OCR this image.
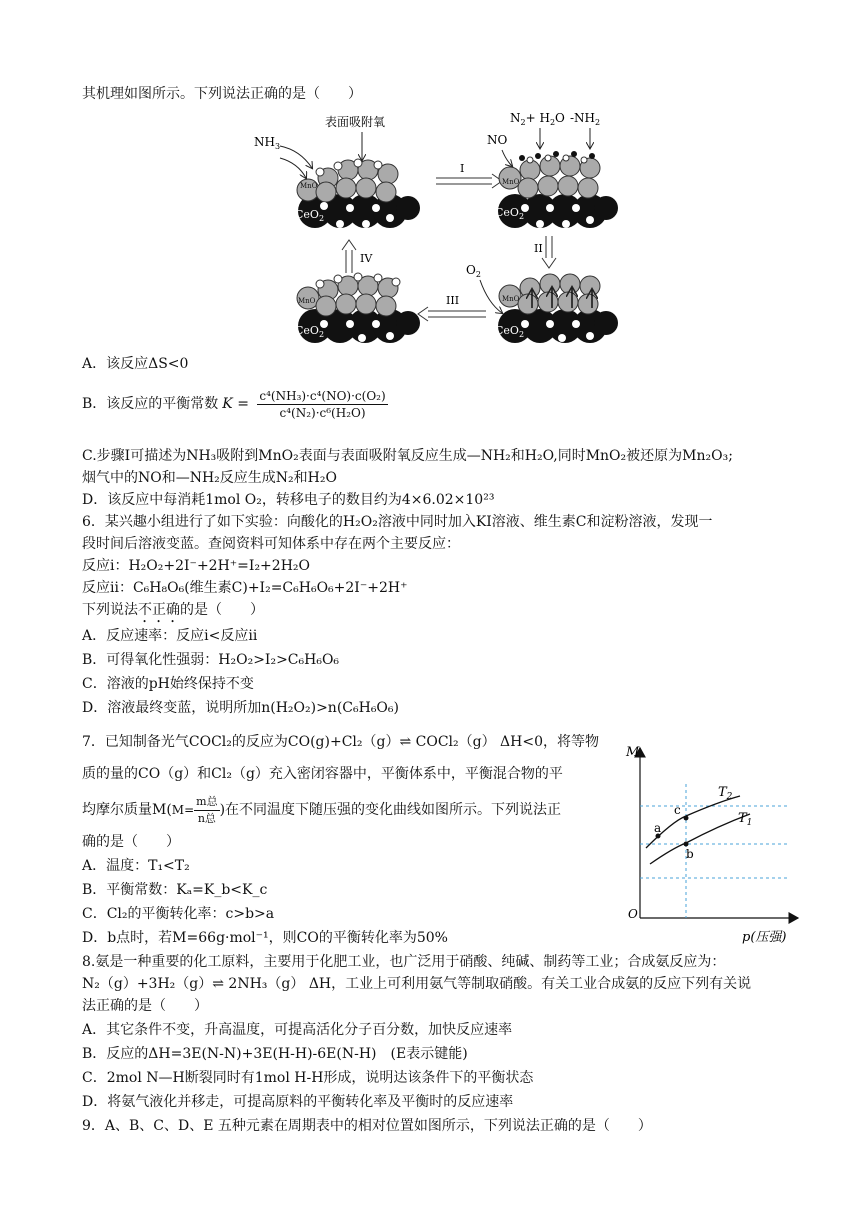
其机理如图所示。下列说法正确的是（　　）
MnO
CeO$_2$
$NH_3$
表面吸附氧
I
MnO
CeO$_2$
NO
$N_2+ H_2O$ $-NH_2$
II
MnO
CeO$_2$
$O_2$
III
MnO
CeO$_2$
IV
A．该反应ΔS<0
B．该反应的平衡常数 $K = \frac{\text{c⁴(NH₃)·c⁴(NO)·c(O₂)}}{\text{c⁴(N₂)·c⁶(H₂O)}}$
C.步骤Ⅰ可描述为NH₃吸附到MnO₂表面与表面吸附氧反应生成—NH₂和H₂O,同时MnO₂被还原为Mn₂O₃;
烟气中的NO和—NH₂反应生成N₂和H₂O
D．该反应中每消耗1mol O₂，转移电子的数目约为4×6.02×10²³
6．某兴趣小组进行了如下实验：向酸化的H₂O₂溶液中同时加入KI溶液、维生素C和淀粉溶液，发现一
段时间后溶液变蓝。查阅资料可知体系中存在两个主要反应：
反应ⅰ：H₂O₂+2I⁻+2H⁺=I₂+2H₂O
反应ⅱ：C₆H₈O₆(维生素C)+I₂=C₆H₆O₆+2I⁻+2H⁺
下列说法不正确的是（　　）
A．反应速率：反应ⅰ<反应ⅱ
B．可得氧化性强弱：H₂O₂>I₂>C₆H₆O₆
C．溶液的pH始终保持不变
D．溶液最终变蓝，说明所加n(H₂O₂)>n(C₆H₆O₆)
7．已知制备光气COCl₂的反应为CO(g)+Cl₂（g）⇌ COCl₂（g） ΔH<0，将等物
质的量的CO（g）和Cl₂（g）充入密闭容器中，平衡体系中，平衡混合物的平
均摩尔质量$M(M= \frac{\text{m总}}{\text{n总}}$ )在不同温度下随压强的变化曲线如图所示。下列说法正
确的是（　　）
A．温度：T₁<T₂
B．平衡常数：Kₐ=K_b<K_c
C．Cl₂的平衡转化率：c>b>a
D．b点时，若M=66g·mol⁻¹，则CO的平衡转化率为50%
M
O
p(压强)
a
c
b
$T_2$
$T_1$
8.氨是一种重要的化工原料，主要用于化肥工业，也广泛用于硝酸、纯碱、制药等工业；合成氨反应为：
N₂（g）+3H₂（g）⇌ 2NH₃（g） ΔH，工业上可利用氨气等制取硝酸。有关工业合成氨的反应下列有关说
法正确的是（　　）
A．其它条件不变，升高温度，可提高活化分子百分数，加快反应速率
B．反应的ΔH=3E(N-N)+3E(H-H)-6E(N-H)　(E表示键能)
C．2mol N—H断裂同时有1mol H-H形成，说明达该条件下的平衡状态
D．将氨气液化并移走，可提高原料的平衡转化率及平衡时的反应速率
9．A、B、C、D、E 五种元素在周期表中的相对位置如图所示，下列说法正确的是（　　）
